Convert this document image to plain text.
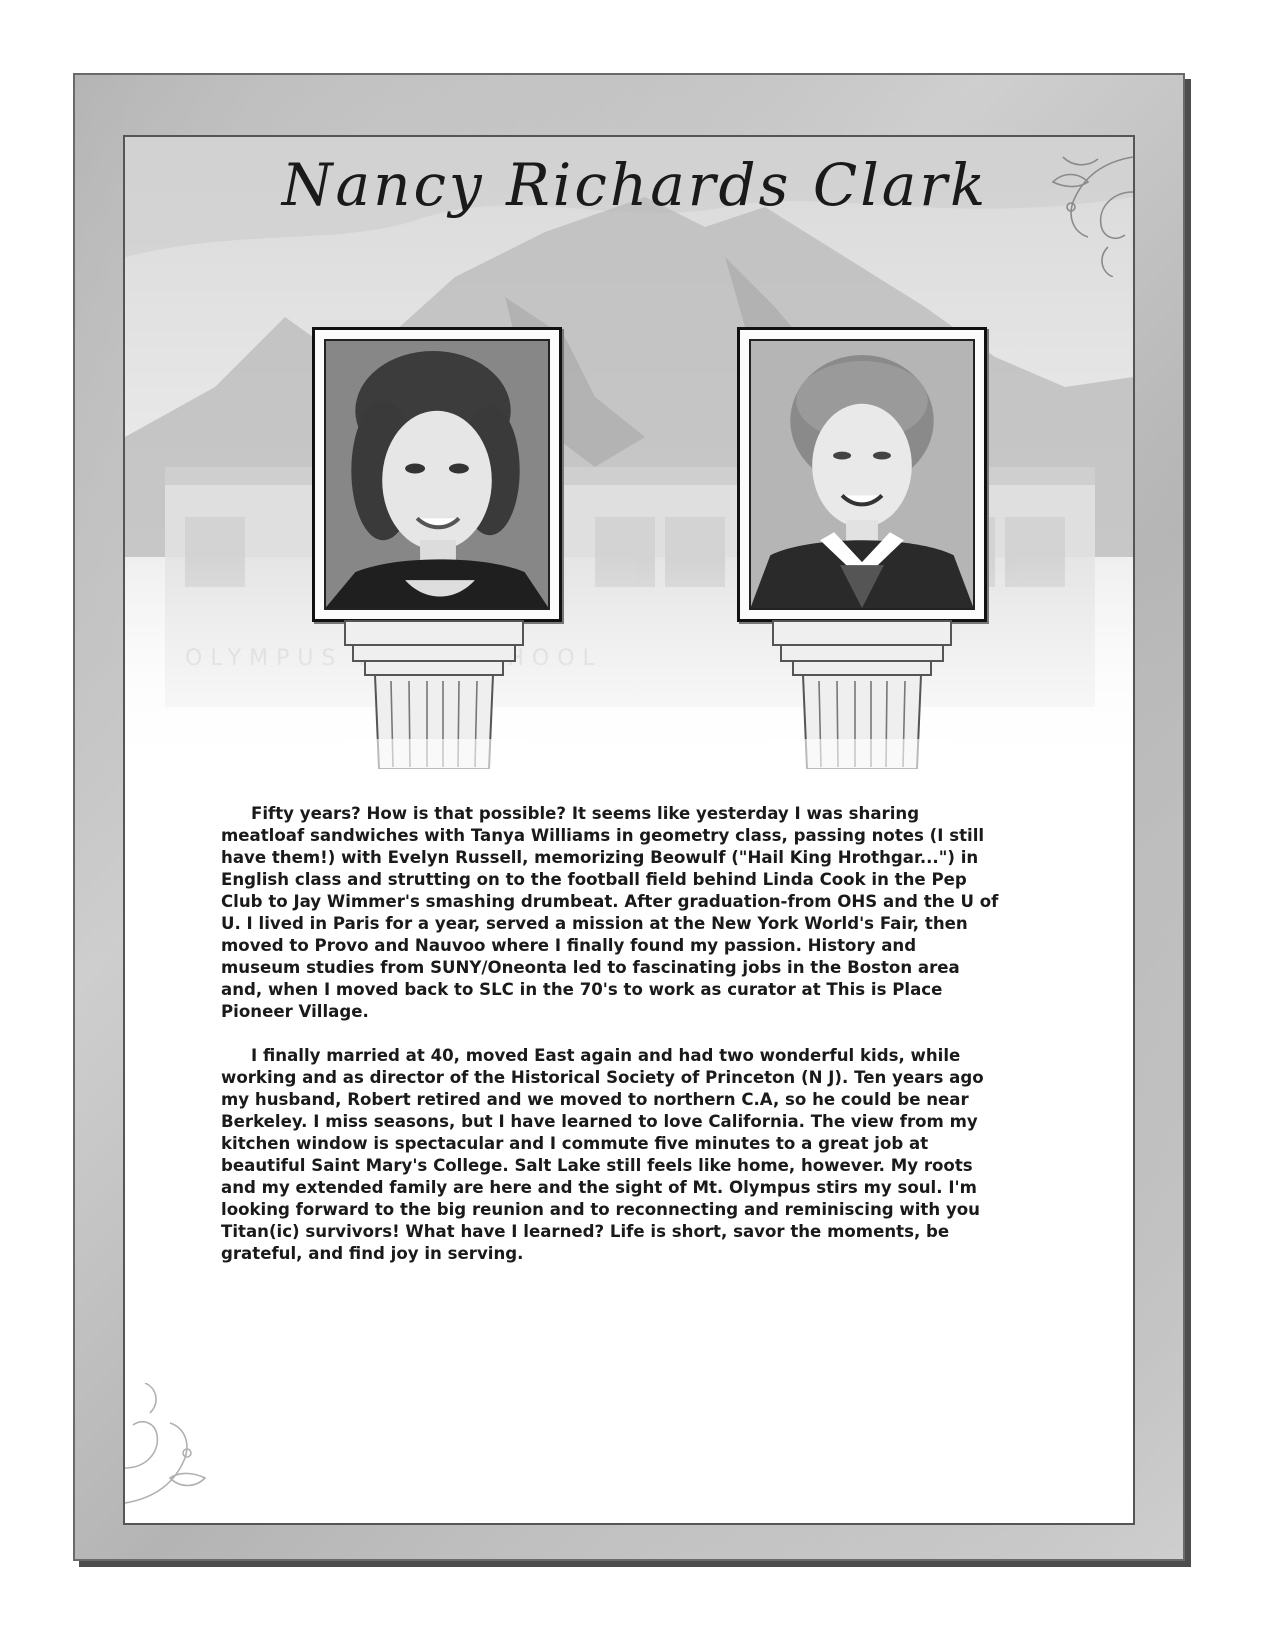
Nancy Richards Clark

Fifty years? How is that possible? It seems like yesterday I was sharing meatloaf sandwiches with Tanya Williams in geometry class, passing notes (I still have them!) with Evelyn Russell, memorizing Beowulf ("Hail King Hrothgar...") in English class and strutting on to the football field behind Linda Cook in the Pep Club to Jay Wimmer's smashing drumbeat. After graduation-from OHS and the U of U. I lived in Paris for a year, served a mission at the New York World's Fair, then moved to Provo and Nauvoo where I finally found my passion. History and museum studies from SUNY/Oneonta led to fascinating jobs in the Boston area and, when I moved back to SLC in the 70's to work as curator at This is Place Pioneer Village.

I finally married at 40, moved East again and had two wonderful kids, while working and as director of the Historical Society of Princeton (N J). Ten years ago my husband, Robert retired and we moved to northern C.A, so he could be near Berkeley. I miss seasons, but I have learned to love California. The view from my kitchen window is spectacular and I commute five minutes to a great job at beautiful Saint Mary's College. Salt Lake still feels like home, however. My roots and my extended family are here and the sight of Mt. Olympus stirs my soul. I'm looking forward to the big reunion and to reconnecting and reminiscing with you Titan(ic) survivors! What have I learned? Life is short, savor the moments, be grateful, and find joy in serving.
